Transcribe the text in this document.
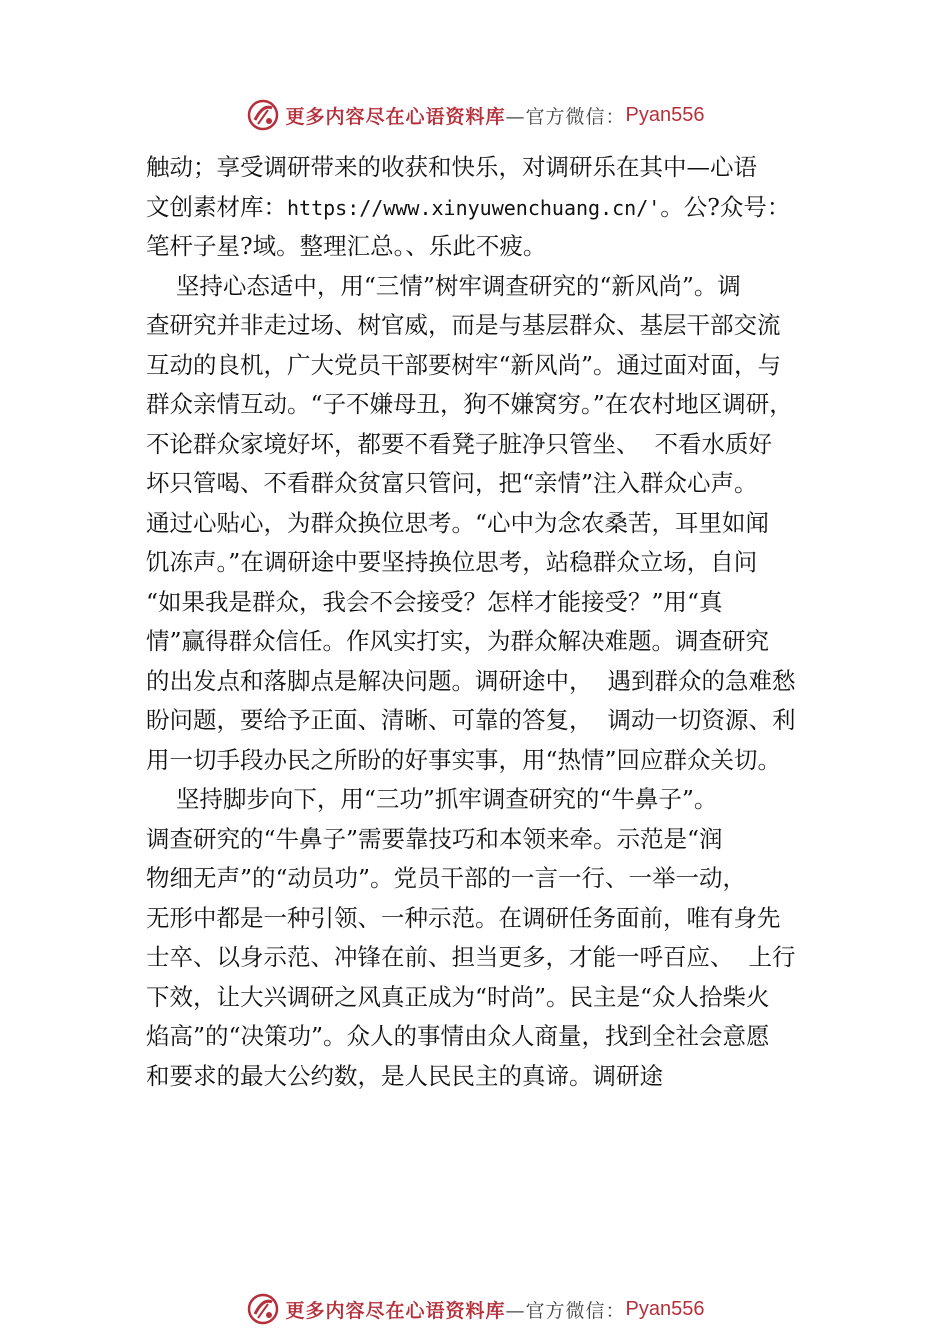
更多内容尽在心语资料库 —官方微信： Pyan556
触动；享受调研带来的收获和快乐，对调研乐在其中—心语
文创素材库：https://www.xinyuwenchuang.cn/'。公?众号：
笔杆子星?域。整理汇总。、乐此不疲。
坚持心态适中，用“三情”树牢调查研究的“新风尚”。调
查研究并非走过场、树官威，而是与基层群众、基层干部交流
互动的良机，广大党员干部要树牢“新风尚”。通过面对面，与
群众亲情互动。“子不嫌母丑，狗不嫌窝穷。”在农村地区调研，
不论群众家境好坏，都要不看凳子脏净只管坐、  不看水质好
坏只管喝、不看群众贫富只管问，把“亲情”注入群众心声。
通过心贴心，为群众换位思考。“心中为念农桑苦，耳里如闻
饥冻声。”在调研途中要坚持换位思考，站稳群众立场，自问
“如果我是群众，我会不会接受？怎样才能接受？”用“真
情”赢得群众信任。作风实打实，为群众解决难题。调查研究
的出发点和落脚点是解决问题。调研途中，  遇到群众的急难愁
盼问题，要给予正面、清晰、可靠的答复，  调动一切资源、利
用一切手段办民之所盼的好事实事，用“热情”回应群众关切。
坚持脚步向下，用“三功”抓牢调查研究的“牛鼻子”。
调查研究的“牛鼻子”需要靠技巧和本领来牵。示范是“润
物细无声”的“动员功”。党员干部的一言一行、一举一动，
无形中都是一种引领、一种示范。在调研任务面前，唯有身先
士卒、以身示范、冲锋在前、担当更多，才能一呼百应、  上行
下效，让大兴调研之风真正成为“时尚”。民主是“众人拾柴火
焰高”的“决策功”。众人的事情由众人商量，找到全社会意愿
和要求的最大公约数，是人民民主的真谛。调研途
更多内容尽在心语资料库 —官方微信： Pyan556
